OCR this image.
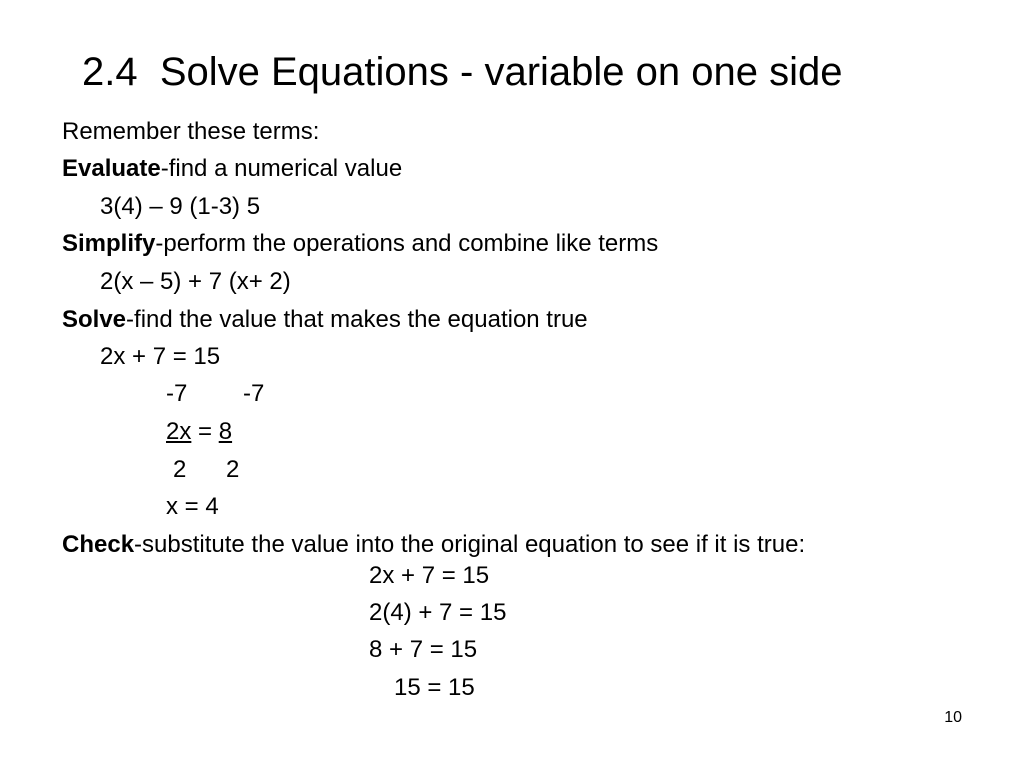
2.4  Solve Equations - variable on one side
Remember these terms:
Evaluate-find a numerical value
3(4) – 9 (1-3) 5
Simplify-perform the operations and combine like terms
2(x – 5) + 7 (x+ 2)
Solve-find the value that makes the equation true
2x + 7 = 15
-7 -7
2x = 8
2 2
x = 4
Check-substitute the value into the original equation to see if it is true:
2x + 7 = 15
2(4) + 7 = 15
8 + 7 = 15
15 = 15
10
